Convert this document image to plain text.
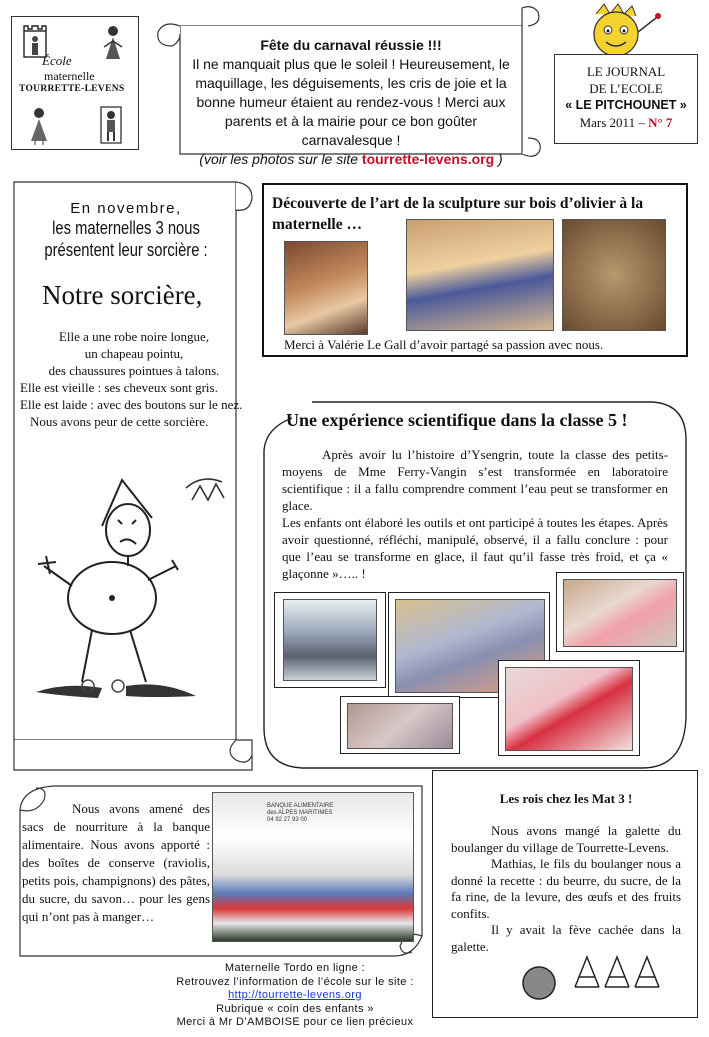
École
maternelle
TOURRETTE-LEVENS
Fête du carnaval réussie !!!
Il ne manquait plus que le soleil ! Heureusement, le maquillage, les déguisements, les cris de joie et la bonne humeur étaient au rendez-vous ! Merci aux parents et à la mairie pour ce bon goûter carnavalesque !
(voir les photos sur le site tourrette-levens.org )
LE JOURNAL
DE L’ECOLE
« LE PITCHOUNET »
Mars 2011 – N° 7
En novembre,
les maternelles 3 nous
présentent leur sorcière :
Notre sorcière,
Elle a une robe noire longue,
un chapeau pointu,
des chaussures pointues à talons.
Elle est vieille : ses cheveux sont gris.
Elle est laide : avec des boutons sur le nez.
Nous avons peur de cette sorcière.
Découverte de l’art de la sculpture sur bois d’olivier à la maternelle …
Merci à Valérie Le Gall d’avoir partagé sa passion avec nous.
Une expérience scientifique dans la classe 5 !
Après avoir lu l’histoire d’Ysengrin, toute la classe des petits-moyens de Mme Ferry-Vangin s’est transformée en laboratoire scientifique : il a fallu comprendre comment l’eau peut se transformer en glace.
Les enfants ont élaboré les outils et ont participé à toutes les étapes. Après avoir questionné, réfléchi, manipulé, observé, il a fallu conclure : pour que l’eau se transforme en glace, il faut qu’il fasse très froid, et ça « glaçonne »….. !
Nous avons amené des sacs de nourriture à la banque alimentaire. Nous avons apporté : des boîtes de conserve (raviolis, petits pois, champignons) des pâtes, du sucre, du savon… pour les gens qui n’ont pas à manger…
BANQUE ALIMENTAIRE
des ALPES MARITIMES
04 92 27 93 00
Les rois chez les Mat 3 !
Nous avons mangé la galette du boulanger du village de Tourrette-Levens.
Mathias, le fils du boulanger nous a donné la recette : du beurre, du sucre, de la fa rine, de la levure, des œufs et des fruits confits.
Il y avait la fève cachée dans la galette.
Maternelle Tordo en ligne :
Retrouvez l’information de l’école sur le site :
http://tourrette-levens.org
Rubrique « coin des enfants »
Merci à Mr D’AMBOISE pour ce lien précieux
